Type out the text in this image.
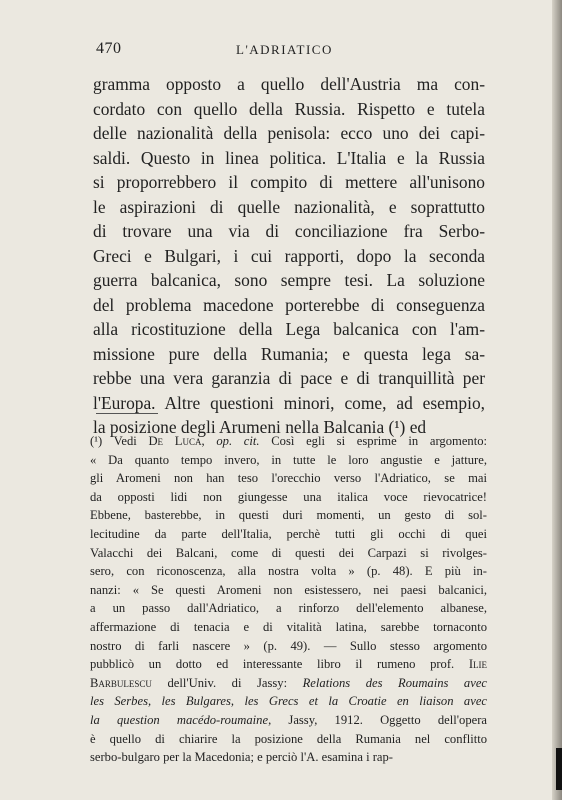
470	L'ADRIATICO
gramma opposto a quello dell'Austria ma con-
cordato con quello della Russia. Rispetto e tutela
delle nazionalità della penisola: ecco uno dei capi-
saldi. Questo in linea politica. L'Italia e la Russia
si proporrebbero il compito di mettere all'unisono
le aspirazioni di quelle nazionalità, e soprattutto
di trovare una via di conciliazione fra Serbo-
Greci e Bulgari, i cui rapporti, dopo la seconda
guerra balcanica, sono sempre tesi. La soluzione
del problema macedone porterebbe di conseguenza
alla ricostituzione della Lega balcanica con l'am-
missione pure della Rumania; e questa lega sa-
rebbe una vera garanzia di pace e di tranquillità per
l'Europa. Altre questioni minori, come, ad esempio,
la posizione degli Arumeni nella Balcania (¹) ed
(¹) Vedi De Luca, op. cit. Così egli si esprime in argomento:
« Da quanto tempo invero, in tutte le loro angustie e jatture,
gli Aromeni non han teso l'orecchio verso l'Adriatico, se mai
da opposti lidi non giungesse una italica voce rievocatrice!
Ebbene, basterebbe, in questi duri momenti, un gesto di sol-
lecitudine da parte dell'Italia, perchè tutti gli occhi di quei
Valacchi dei Balcani, come di questi dei Carpazi si rivolges-
sero, con riconoscenza, alla nostra volta » (p. 48). E più in-
nanzi: « Se questi Aromeni non esistessero, nei paesi balcanici,
a un passo dall'Adriatico, a rinforzo dell'elemento albanese,
affermazione di tenacia e di vitalità latina, sarebbe tornaconto
nostro di farli nascere » (p. 49). — Sullo stesso argomento
pubblicò un dotto ed interessante libro il rumeno prof. Ilie
Barbulescu dell'Univ. di Jassy: Relations des Roumains avec
les Serbes, les Bulgares, les Grecs et la Croatie en liaison avec
la question macédo-roumaine, Jassy, 1912. Oggetto dell'opera
è quello di chiarire la posizione della Rumania nel conflitto
serbo-bulgaro per la Macedonia; e perciò l'A. esamina i rap-
